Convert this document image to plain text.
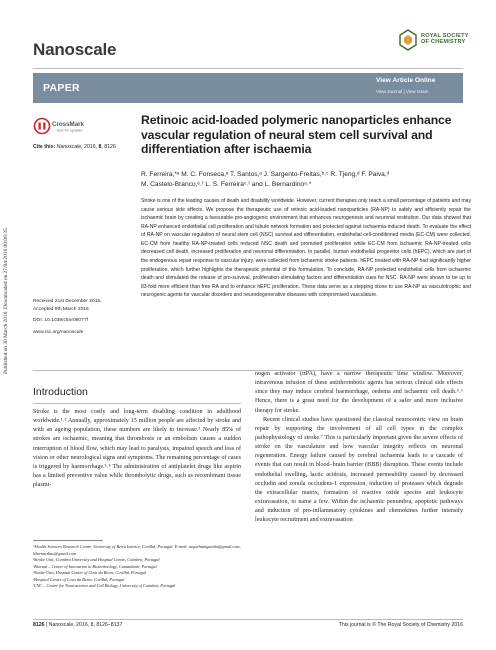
Published on 30 March 2016. Downloaded on 27/04/2016 00:06:35.
Nanoscale
ROYAL SOCIETY
OF CHEMISTRY
PAPER
View Article Online
View Journal | View Issue
CrossMark
← click for updates
Cite this: Nanoscale, 2016, 8, 8126
Retinoic acid-loaded polymeric nanoparticles enhance vascular regulation of neural stem cell survival and differentiation after ischaemia
R. Ferreira,*ᵃ M. C. Fonseca,ᵃ T. Santos,ᵃ J. Sargento-Freitas,ᵇ˒ᶜ R. Tjeng,ᵈ F. Paiva,ᵈ
M. Castelo-Branco,ᵉ˒ᶠ L. S. Ferreiraᶜ˒ᶠ and L. Bernardinoᵃ˒*
Stroke is one of the leading causes of death and disability worldwide. However, current therapies only reach a small percentage of patients and may cause serious side effects. We propose the therapeutic use of retinoic acid-loaded nanoparticles (RA-NP) to safely and efficiently repair the ischaemic brain by creating a favourable pro-angiogenic environment that enhances neurogenesis and neuronal restitution. Our data showed that RA-NP enhanced endothelial cell proliferation and tubule network formation and protected against ischaemia-induced death. To evaluate the effect of RA-NP on vascular regulation of neural stem cell (NSC) survival and differentiation, endothelial cell-conditioned media (EC-CM) were collected. EC-CM from healthy RA-NP-treated cells reduced NSC death and promoted proliferation while EC-CM from ischaemic RA-NP-treated cells decreased cell death, increased proliferation and neuronal differentiation. In parallel, human endothelial progenitor cells (hEPC), which are part of the endogenous repair response to vascular injury, were collected from ischaemic stroke patients. hEPC treated with RA-NP had significantly higher proliferation, which further highlights the therapeutic potential of this formulation. To conclude, RA-NP protected endothelial cells from ischaemic death and stimulated the release of pro-survival, proliferation-stimulating factors and differentiation cues for NSC. RA-NP were shown to be up to 83-fold more efficient than free RA and to enhance hEPC proliferation. These data serve as a stepping stone to use RA-NP as vasculotrophic and neurogenic agents for vascular disorders and neurodegenerative diseases with compromised vasculature.
Received 21st December 2015,
Accepted 9th March 2016
DOI: 10.1039/c5nr09077f
www.rsc.org/nanoscale
Introduction

Stroke is the most costly and long-term disabling condition in adulthood worldwide.¹˒² Annually, approximately 15 million people are affected by stroke and with an ageing population, these numbers are likely to increase.³ Nearly 85% of strokes are ischaemic, meaning that thrombosis or an embolism causes a sudden interruption of blood flow, which may lead to paralysis, impaired speech and loss of vision or other neurological signs and symptoms. The remaining percentage of cases is triggered by haemorrhage.³˒⁴ The administration of antiplatelet drugs like aspirin has a limited preventive value while thrombolytic drugs, such as recombinant tissue plasmi-

nogen activator (rtPA), have a narrow therapeutic time window. Moreover, intravenous infusion of these antithrombotic agents has serious clinical side effects since they may induce cerebral haemorrhage, oedema and ischaemic cell death.⁵˒⁶ Hence, there is a great need for the development of a safer and more inclusive therapy for stroke.

Recent clinical studies have questioned the classical neurocentric view on brain repair by supporting the involvement of all cell types in the complex pathophysiology of stroke.⁷ This is particularly important given the severe effects of stroke on the vasculature and how vascular integrity reflects on neuronal regeneration. Energy failure caused by cerebral ischaemia leads to a cascade of events that can result in blood–brain barrier (BBB) disruption. These events include endothelial swelling, lactic acidosis, increased permeability caused by decreased occludin and zonula occludens-1 expression, induction of proteases which degrade the extracellular matrix, formation of reactive oxide species and leukocyte extravasation, to name a few. Within the ischaemic penumbra, apoptotic pathways and induction of pro-inflammatory cytokines and chemokines further intensify leukocyte recruitment and extravasation

ᵃHealth Sciences Research Centre, University of Beira Interior, Covilhã, Portugal. E-mail: raquelmargarida@gmail.com, libernardino@gmail.com
ᵇStroke Unit, Coimbra University and Hospital Centre, Coimbra, Portugal
ᶜBiocant – Center of Innovation in Biotechnology, Cantanhede, Portugal
ᵈStroke Unit, Hospital Center of Cova da Beira, Covilhã, Portugal
ᵉHospital Center of Cova da Beira, Covilhã, Portugal
ᶠCNC – Center for Neuroscience and Cell Biology, University of Coimbra, Portugal
8126 | Nanoscale, 2016, 8, 8126–8137	This journal is © The Royal Society of Chemistry 2016
